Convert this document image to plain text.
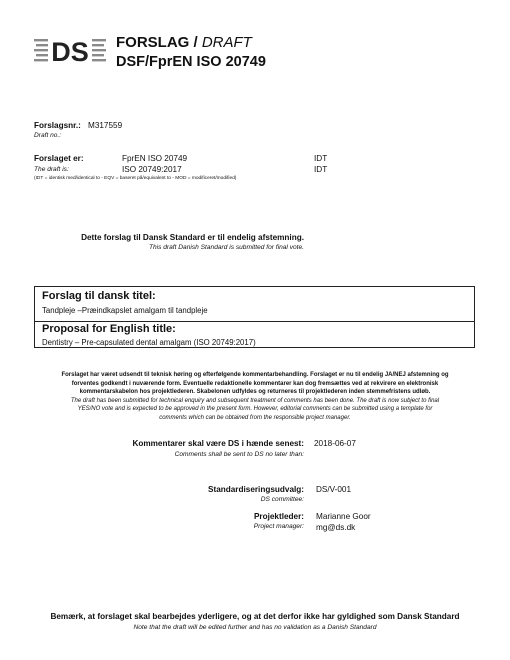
DS FORSLAG / DRAFT
DSF/FprEN ISO 20749
Forslagsnr.: M317559
Draft no.:
Forslaget er:	FprEN ISO 20749	IDT
The draft is:	ISO 20749:2017	IDT
(IDT = identisk med/identical to - EQV = baseret på/equivalent to - MOD = modificeret/modified)
Dette forslag til Dansk Standard er til endelig afstemning.
This draft Danish Standard is submitted for final vote.
Forslag til dansk titel:
Tandpleje –Præindkapslet amalgam til tandpleje
Proposal for English title:
Dentistry – Pre-capsulated dental amalgam (ISO 20749:2017)
Forslaget har været udsendt til teknisk høring og efterfølgende kommentarbehandling. Forslaget er nu til endelig JA/NEJ afstemning og
forventes godkendt i nuværende form. Eventuelle redaktionelle kommentarer kan dog fremsættes ved at rekvirere en elektronisk
kommentarskabelon hos projektlederen. Skabelonen udfyldes og returneres til projektlederen inden stemmefristens udløb.
The draft has been submitted for technical enquiry and subsequent treatment of comments has been done. The draft is now subject to final
YES/NO vote and is expected to be approved in the present form. However, editorial comments can be submitted using a template for
comments which can be obtained from the responsible project manager.
Kommentarer skal være DS i hænde senest:
Comments shall be sent to DS no later than:
2018-06-07
Standardiseringsudvalg:
DS committee:
DS/V-001
Projektleder:
Project manager:
Marianne Goor
mg@ds.dk
Bemærk, at forslaget skal bearbejdes yderligere, og at det derfor ikke har gyldighed som Dansk Standard
Note that the draft will be edited further and has no validation as a Danish Standard
